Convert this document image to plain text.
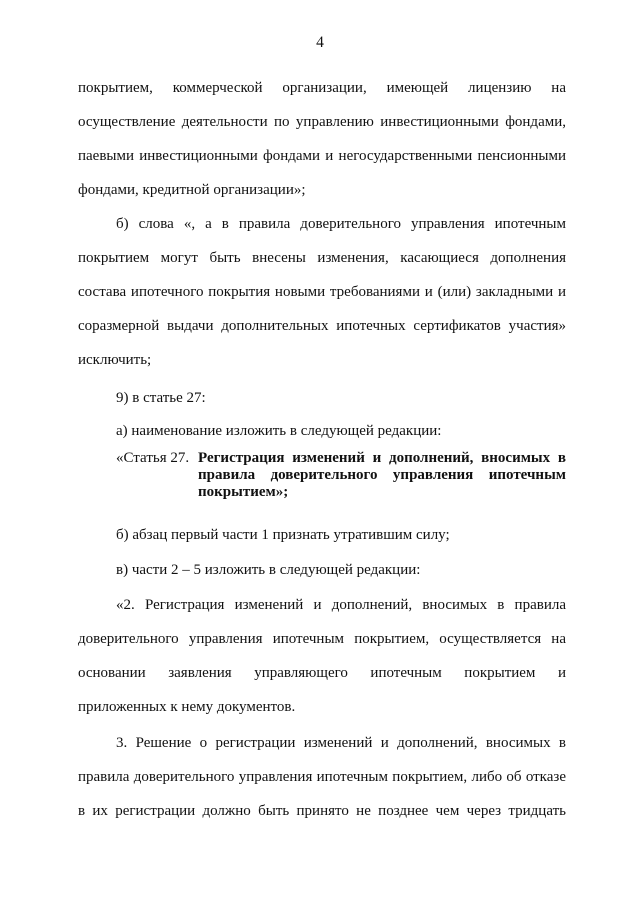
4
покрытием, коммерческой организации, имеющей лицензию на
осуществление деятельности по управлению инвестиционными фондами,
паевыми инвестиционными фондами и негосударственными пенсионными
фондами, кредитной организации»;
б) слова «, а в правила доверительного управления ипотечным
покрытием могут быть внесены изменения, касающиеся дополнения
состава ипотечного покрытия новыми требованиями и (или) закладными и
соразмерной выдачи дополнительных ипотечных сертификатов участия»
исключить;
9) в статье 27:
а) наименование изложить в следующей редакции:
«Статья 27. Регистрация изменений и дополнений, вносимых в
правила доверительного управления ипотечным
покрытием»;
б) абзац первый части 1 признать утратившим силу;
в) части 2 – 5 изложить в следующей редакции:
«2. Регистрация изменений и дополнений, вносимых в правила
доверительного управления ипотечным покрытием, осуществляется на
основании заявления управляющего ипотечным покрытием и
приложенных к нему документов.
3. Решение о регистрации изменений и дополнений, вносимых в
правила доверительного управления ипотечным покрытием, либо об отказе
в их регистрации должно быть принято не позднее чем через тридцать
